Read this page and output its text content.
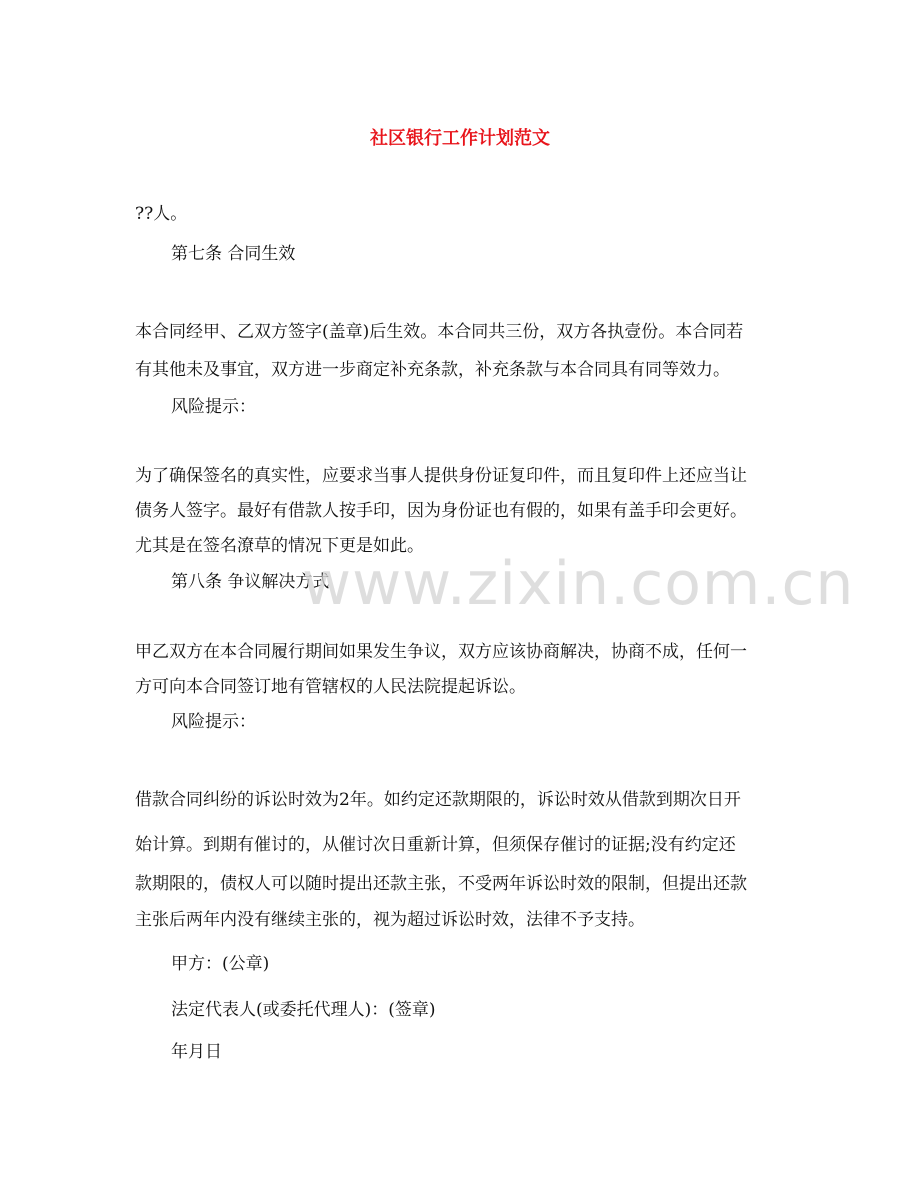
社区银行工作计划范文
??人。
第七条 合同生效
本合同经甲、乙双方签字(盖章)后生效。本合同共三份，双方各执壹份。本合同若
有其他未及事宜，双方进一步商定补充条款，补充条款与本合同具有同等效力。
风险提示：
为了确保签名的真实性，应要求当事人提供身份证复印件，而且复印件上还应当让
债务人签字。最好有借款人按手印，因为身份证也有假的，如果有盖手印会更好。
尤其是在签名潦草的情况下更是如此。
第八条 争议解决方式
甲乙双方在本合同履行期间如果发生争议，双方应该协商解决，协商不成，任何一
方可向本合同签订地有管辖权的人民法院提起诉讼。
风险提示：
借款合同纠纷的诉讼时效为2年。如约定还款期限的，诉讼时效从借款到期次日开
始计算。到期有催讨的，从催讨次日重新计算，但须保存催讨的证据;没有约定还
款期限的，债权人可以随时提出还款主张，不受两年诉讼时效的限制，但提出还款
主张后两年内没有继续主张的，视为超过诉讼时效，法律不予支持。
甲方：(公章)
法定代表人(或委托代理人)：(签章)
年月日
www.zixin.com.cn
